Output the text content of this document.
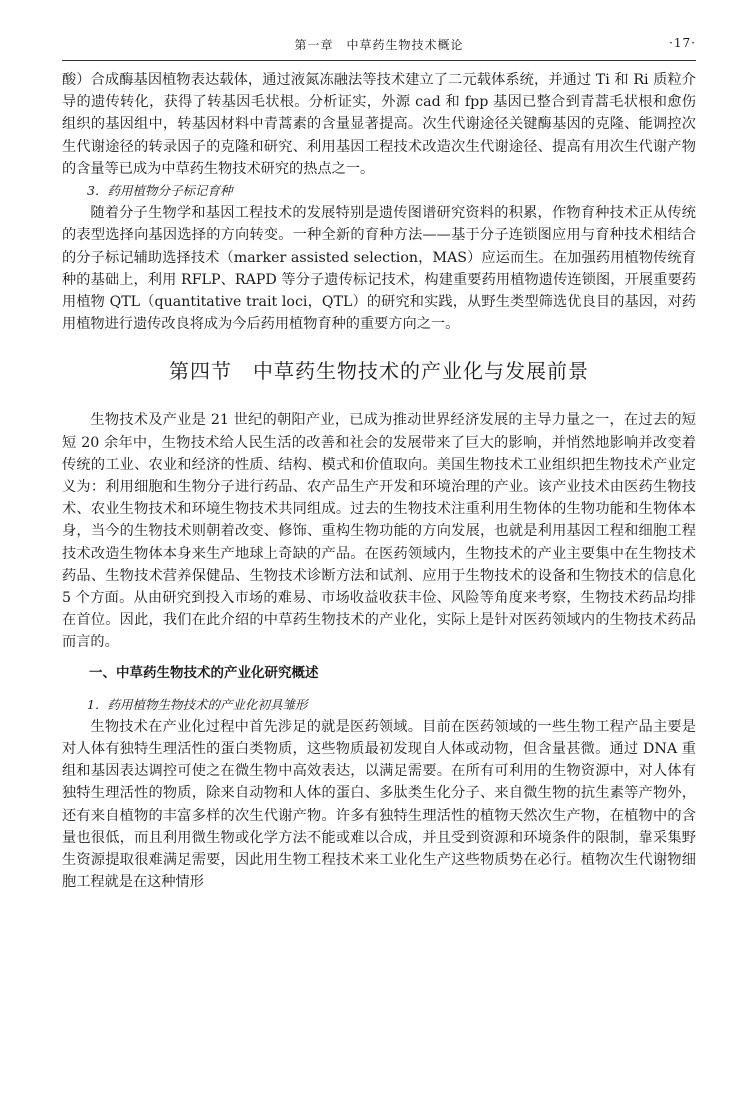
第一章　中草药生物技术概论	·17·

酸）合成酶基因植物表达载体，通过液氮冻融法等技术建立了二元载体系统，并通过 Ti 和 Ri 质粒介导的遗传转化，获得了转基因毛状根。分析证实，外源 cad 和 fpp 基因已整合到青蒿毛状根和愈伤组织的基因组中，转基因材料中青蒿素的含量显著提高。次生代谢途径关键酶基因的克隆、能调控次生代谢途径的转录因子的克隆和研究、利用基因工程技术改造次生代谢途径、提高有用次生代谢产物的含量等已成为中草药生物技术研究的热点之一。

3．药用植物分子标记育种

随着分子生物学和基因工程技术的发展特别是遗传图谱研究资料的积累，作物育种技术正从传统的表型选择向基因选择的方向转变。一种全新的育种方法——基于分子连锁图应用与育种技术相结合的分子标记辅助选择技术（marker assisted selection，MAS）应运而生。在加强药用植物传统育种的基础上，利用 RFLP、RAPD 等分子遗传标记技术，构建重要药用植物遗传连锁图，开展重要药用植物 QTL（quantitative trait loci，QTL）的研究和实践，从野生类型筛选优良目的基因，对药用植物进行遗传改良将成为今后药用植物育种的重要方向之一。

第四节　中草药生物技术的产业化与发展前景

生物技术及产业是 21 世纪的朝阳产业，已成为推动世界经济发展的主导力量之一，在过去的短短 20 余年中，生物技术给人民生活的改善和社会的发展带来了巨大的影响，并悄然地影响并改变着传统的工业、农业和经济的性质、结构、模式和价值取向。美国生物技术工业组织把生物技术产业定义为：利用细胞和生物分子进行药品、农产品生产开发和环境治理的产业。该产业技术由医药生物技术、农业生物技术和环境生物技术共同组成。过去的生物技术注重利用生物体的生物功能和生物体本身，当今的生物技术则朝着改变、修饰、重构生物功能的方向发展，也就是利用基因工程和细胞工程技术改造生物体本身来生产地球上奇缺的产品。在医药领域内，生物技术的产业主要集中在生物技术药品、生物技术营养保健品、生物技术诊断方法和试剂、应用于生物技术的设备和生物技术的信息化 5 个方面。从由研究到投入市场的难易、市场收益收获丰俭、风险等角度来考察，生物技术药品均排在首位。因此，我们在此介绍的中草药生物技术的产业化，实际上是针对医药领域内的生物技术药品而言的。

一、中草药生物技术的产业化研究概述
1．药用植物生物技术的产业化初具雏形

生物技术在产业化过程中首先涉足的就是医药领域。目前在医药领域的一些生物工程产品主要是对人体有独特生理活性的蛋白类物质，这些物质最初发现自人体或动物，但含量甚微。通过 DNA 重组和基因表达调控可使之在微生物中高效表达，以满足需要。在所有可利用的生物资源中，对人体有独特生理活性的物质，除来自动物和人体的蛋白、多肽类生化分子、来自微生物的抗生素等产物外，还有来自植物的丰富多样的次生代谢产物。许多有独特生理活性的植物天然次生产物，在植物中的含量也很低，而且利用微生物或化学方法不能或难以合成，并且受到资源和环境条件的限制，靠采集野生资源提取很难满足需要，因此用生物工程技术来工业化生产这些物质势在必行。植物次生代谢物细胞工程就是在这种情形
